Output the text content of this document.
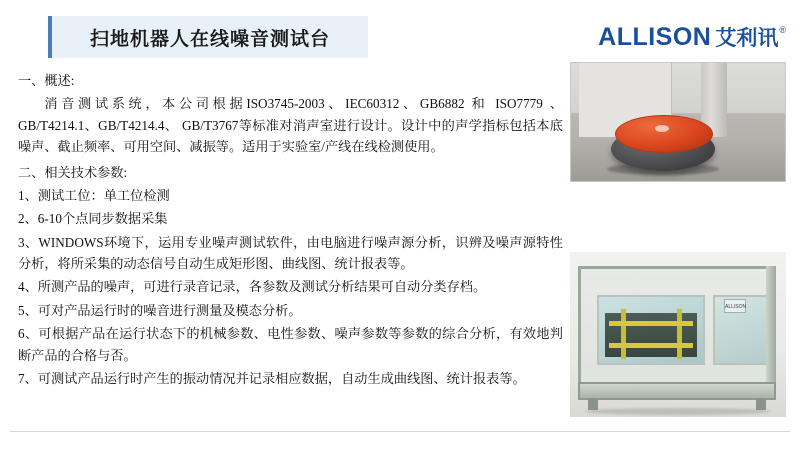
扫地机器人在线噪音测试台	ALLISON 艾利讯 ®

一、概述:

消音测试系统，本公司根据ISO3745-2003、IEC60312、GB6882 和 ISO7779 、GB/T4214.1、GB/T4214.4、 GB/T3767等标准对消声室进行设计。设计中的声学指标包括本底噪声、截止频率、可用空间、减振等。适用于实验室/产线在线检测使用。

二、相关技术参数:

1、测试工位：单工位检测

2、6-10个点同步数据采集

3、WINDOWS环境下，运用专业噪声测试软件，由电脑进行噪声源分析，识辨及噪声源特性分析，将所采集的动态信号自动生成矩形图、曲线图、统计报表等。

4、所测产品的噪声，可进行录音记录，各参数及测试分析结果可自动分类存档。

5、可对产品运行时的噪音进行测量及模态分析。

6、可根据产品在运行状态下的机械参数、电性参数、噪声参数等参数的综合分析，有效地判断产品的合格与否。

7、可测试产品运行时产生的振动情况并记录相应数据，自动生成曲线图、统计报表等。

ALLISON
